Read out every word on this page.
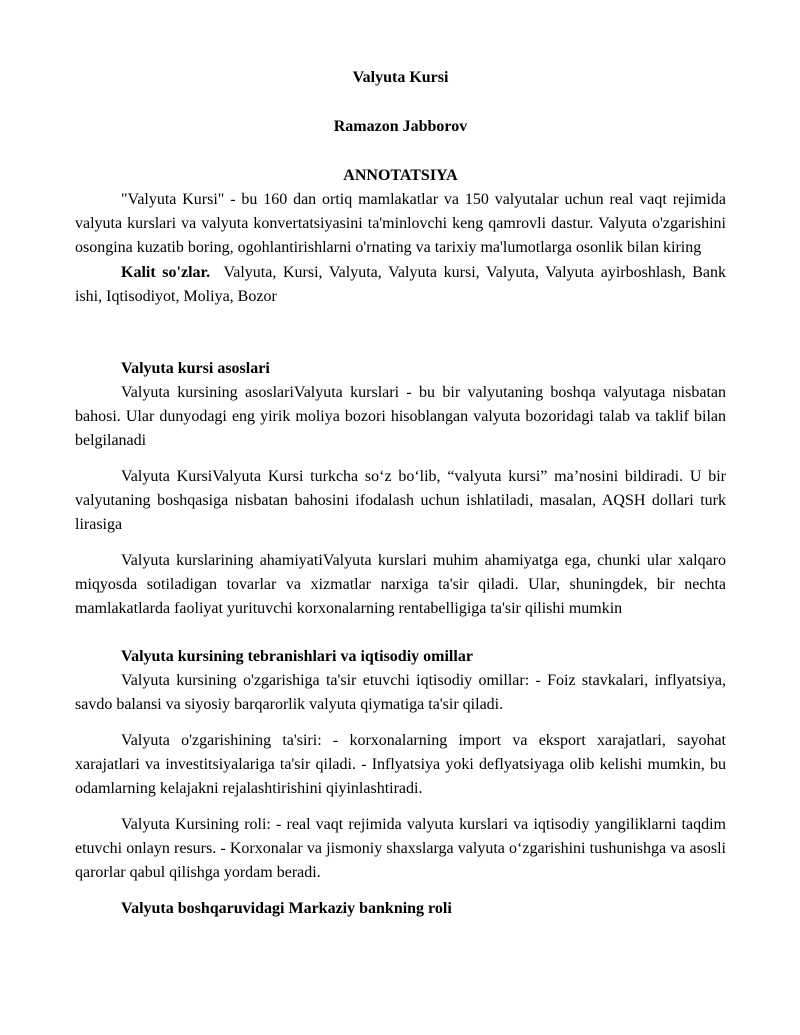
Valyuta Kursi
Ramazon Jabborov
ANNOTATSIYA

"Valyuta Kursi" - bu 160 dan ortiq mamlakatlar va 150 valyutalar uchun real vaqt rejimida valyuta kurslari va valyuta konvertatsiyasini ta'minlovchi keng qamrovli dastur. Valyuta o'zgarishini osongina kuzatib boring, ogohlantirishlarni o'rnating va tarixiy ma'lumotlarga osonlik bilan kiring

Kalit so'zlar. Valyuta, Kursi, Valyuta, Valyuta kursi, Valyuta, Valyuta ayirboshlash, Bank ishi, Iqtisodiyot, Moliya, Bozor

Valyuta kursi asoslari

Valyuta kursining asoslariValyuta kurslari - bu bir valyutaning boshqa valyutaga nisbatan bahosi. Ular dunyodagi eng yirik moliya bozori hisoblangan valyuta bozoridagi talab va taklif bilan belgilanadi

Valyuta KursiValyuta Kursi turkcha so‘z bo‘lib, “valyuta kursi” ma’nosini bildiradi. U bir valyutaning boshqasiga nisbatan bahosini ifodalash uchun ishlatiladi, masalan, AQSH dollari turk lirasiga

Valyuta kurslarining ahamiyatiValyuta kurslari muhim ahamiyatga ega, chunki ular xalqaro miqyosda sotiladigan tovarlar va xizmatlar narxiga ta'sir qiladi. Ular, shuningdek, bir nechta mamlakatlarda faoliyat yurituvchi korxonalarning rentabelligiga ta'sir qilishi mumkin

Valyuta kursining tebranishlari va iqtisodiy omillar

Valyuta kursining o'zgarishiga ta'sir etuvchi iqtisodiy omillar: - Foiz stavkalari, inflyatsiya, savdo balansi va siyosiy barqarorlik valyuta qiymatiga ta'sir qiladi.

Valyuta o'zgarishining ta'siri: - korxonalarning import va eksport xarajatlari, sayohat xarajatlari va investitsiyalariga ta'sir qiladi. - Inflyatsiya yoki deflyatsiyaga olib kelishi mumkin, bu odamlarning kelajakni rejalashtirishini qiyinlashtiradi.

Valyuta Kursining roli: - real vaqt rejimida valyuta kurslari va iqtisodiy yangiliklarni taqdim etuvchi onlayn resurs. - Korxonalar va jismoniy shaxslarga valyuta o‘zgarishini tushunishga va asosli qarorlar qabul qilishga yordam beradi.

Valyuta boshqaruvidagi Markaziy bankning roli
